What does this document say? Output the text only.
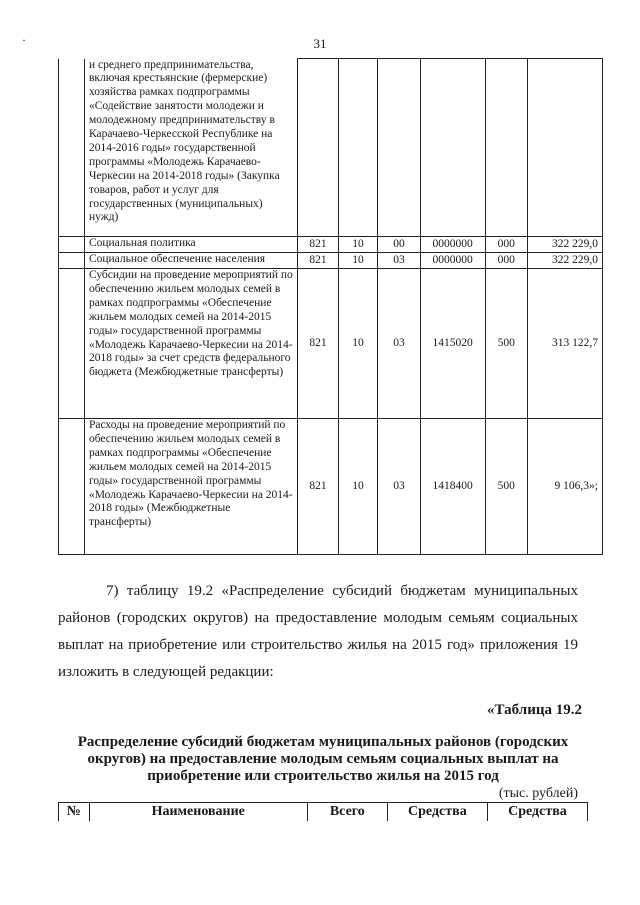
·	31
	и среднего предпринимательства, включая крестьянские (фермерские) хозяйства рамках подпрограммы «Содействие занятости молодежи и молодежному предпринимательству в Карачаево-Черкесской Республике на 2014-2016 годы» государственной программы «Молодежь Карачаево-Черкесии на 2014-2018 годы» (Закупка товаров, работ и услуг для государственных (муниципальных) нужд)						
	Социальная политика	821	10	00	0000000	000	322 229,0
	Социальное обеспечение населения	821	10	03	0000000	000	322 229,0
	Субсидии на проведение мероприятий по обеспечению жильем молодых семей в рамках подпрограммы «Обеспечение жильем молодых семей на 2014-2015 годы» государственной программы «Молодежь Карачаево-Черкесии на 2014-2018 годы» за счет средств федерального бюджета (Межбюджетные трансферты)	821	10	03	1415020	500	313 122,7
	Расходы на проведение мероприятий по обеспечению жильем молодых семей в рамках подпрограммы «Обеспечение жильем молодых семей на 2014-2015 годы» государственной программы «Молодежь Карачаево-Черкесии на 2014-2018 годы» (Межбюджетные трансферты)	821	10	03	1418400	500	9 106,3»;
7) таблицу 19.2 «Распределение субсидий бюджетам муниципальных районов (городских округов) на предоставление молодым семьям социальных выплат на приобретение или строительство жилья на 2015 год» приложения 19 изложить в следующей редакции:
«Таблица 19.2
Распределение субсидий бюджетам муниципальных районов (городских округов) на предоставление молодым семьям социальных выплат на приобретение или строительство жилья на 2015 год
(тыс. рублей)
№	Наименование	Всего	Средства	Средства
